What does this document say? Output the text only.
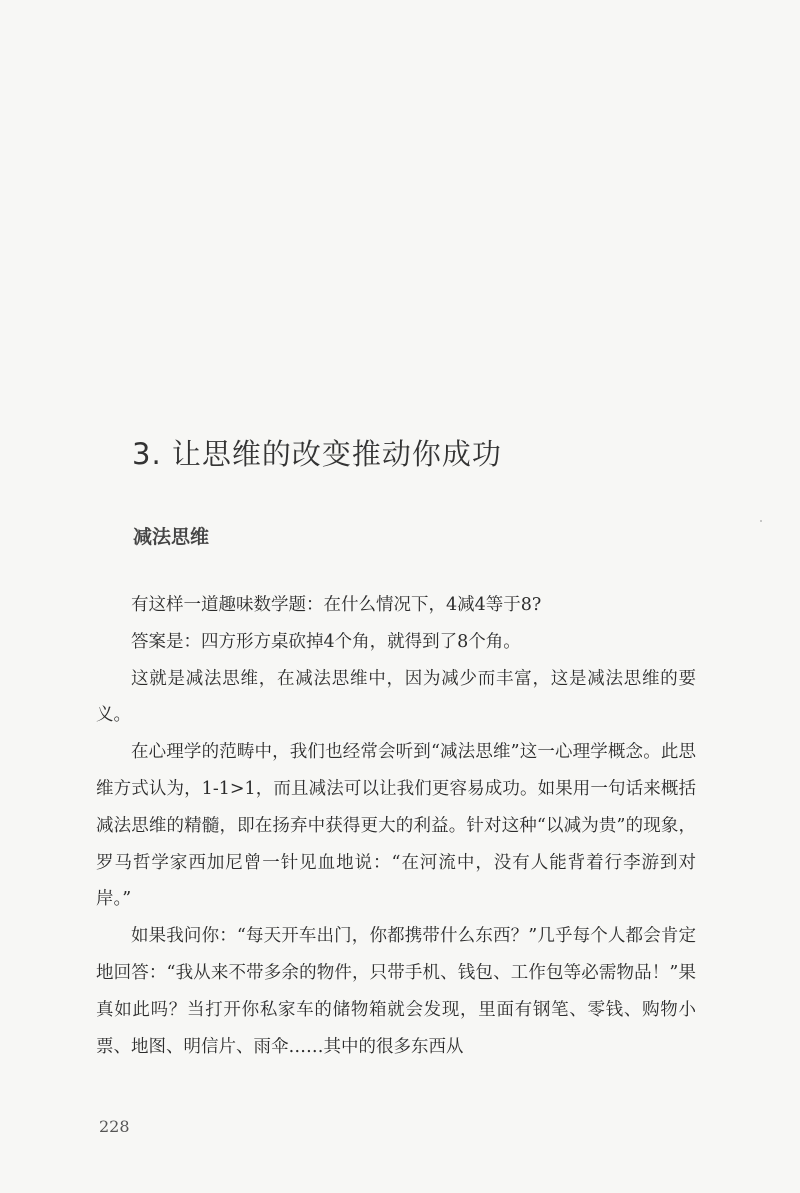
3. 让思维的改变推动你成功
减法思维

有这样一道趣味数学题：在什么情况下，4减4等于8?

答案是：四方形方桌砍掉4个角，就得到了8个角。

这就是减法思维，在减法思维中，因为减少而丰富，这是减法思维的要义。

在心理学的范畴中，我们也经常会听到“减法思维”这一心理学概念。此思维方式认为，1-1>1，而且减法可以让我们更容易成功。如果用一句话来概括减法思维的精髓，即在扬弃中获得更大的利益。针对这种“以减为贵”的现象，罗马哲学家西加尼曾一针见血地说：“在河流中，没有人能背着行李游到对岸。”

如果我问你：“每天开车出门，你都携带什么东西？”几乎每个人都会肯定地回答：“我从来不带多余的物件，只带手机、钱包、工作包等必需物品！”果真如此吗？当打开你私家车的储物箱就会发现，里面有钢笔、零钱、购物小票、地图、明信片、雨伞……其中的很多东西从

228
